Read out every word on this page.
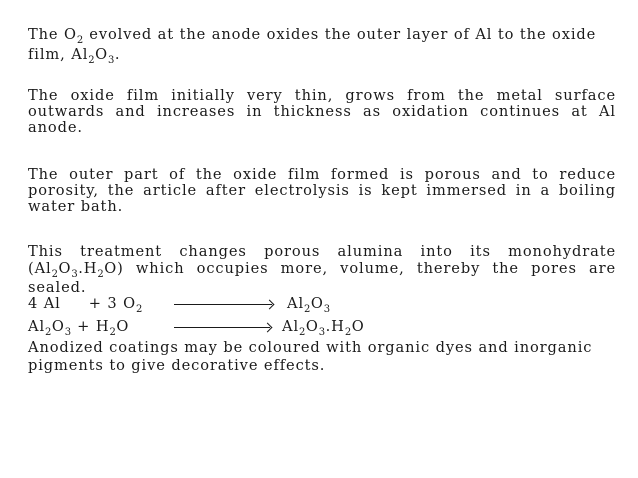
The $O_2$ evolved at the anode oxides the outer layer of Al to the oxide
film, $Al_2O_3$.

The oxide film initially very thin, grows from the metal surface outwards and increases in thickness as oxidation continues at Al anode.

The outer part of the oxide film formed is porous and to reduce porosity, the article after electrolysis is kept immersed in a boiling water bath.

This treatment changes porous alumina into its monohydrate $(Al_2O_3.H_2O)$ which occupies more, volume, thereby the pores are sealed.

4 Al + 3 $O_2$	$Al_2O_3$
$Al_2O_3 + H_2O$	$Al_2O_3.H_2O$

Anodized coatings may be coloured with organic dyes and inorganic
pigments to give decorative effects.
